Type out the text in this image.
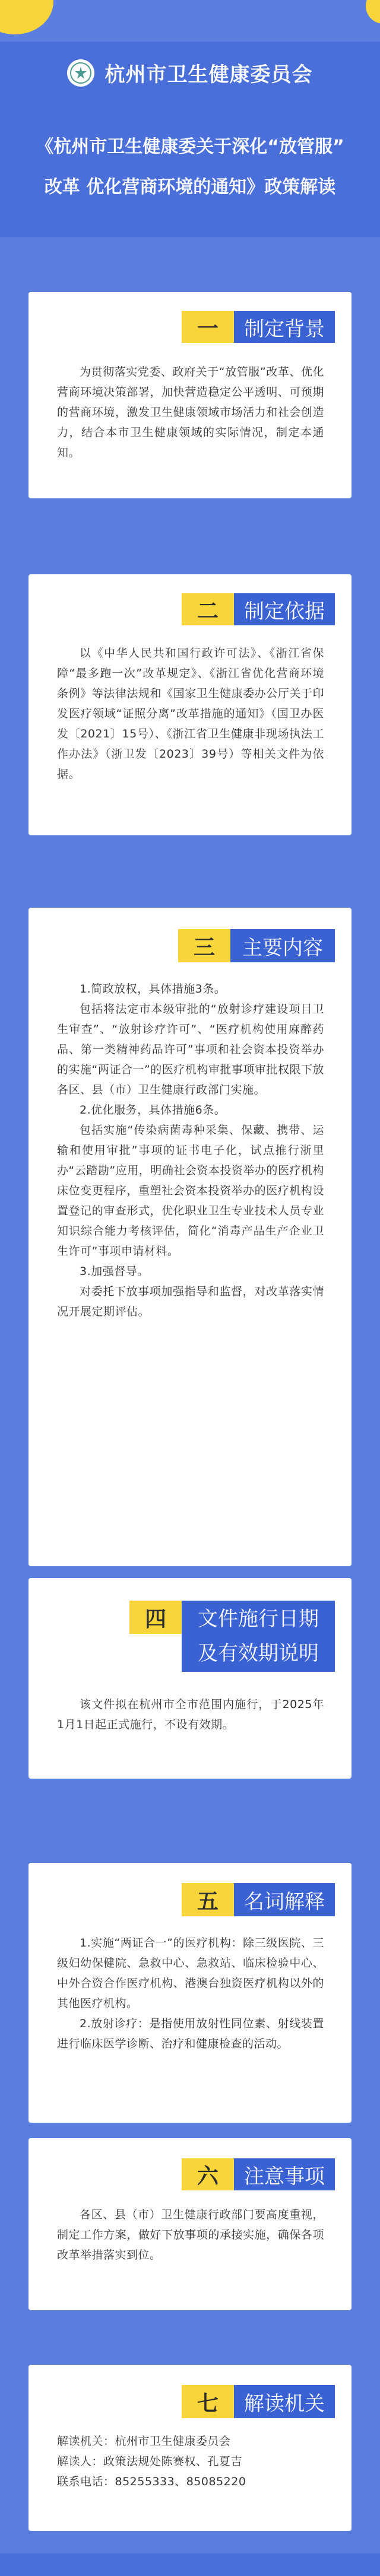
杭州市卫生健康委员会
《杭州市卫生健康委关于深化“放管服”
改革 优化营商环境的通知》政策解读
一	制定背景

为贯彻落实党委、政府关于“放管服”改革、优化营商环境决策部署，加快营造稳定公平透明、可预期的营商环境，激发卫生健康领域市场活力和社会创造力，结合本市卫生健康领域的实际情况，制定本通知。

二	制定依据

以《中华人民共和国行政许可法》、《浙江省保障“最多跑一次”改革规定》、《浙江省优化营商环境条例》等法律法规和《国家卫生健康委办公厅关于印发医疗领域“证照分离”改革措施的通知》（国卫办医发〔2021〕15号）、《浙江省卫生健康非现场执法工作办法》（浙卫发〔2023〕39号）等相关文件为依据。

三	主要内容

1.简政放权，具体措施3条。

包括将法定市本级审批的“放射诊疗建设项目卫生审查”、“放射诊疗许可”、“医疗机构使用麻醉药品、第一类精神药品许可”事项和社会资本投资举办的实施“两证合一”的医疗机构审批事项审批权限下放各区、县（市）卫生健康行政部门实施。

2.优化服务，具体措施6条。

包括实施“传染病菌毒种采集、保藏、携带、运输和使用审批”事项的证书电子化，试点推行浙里办“云踏勘”应用，明确社会资本投资举办的医疗机构床位变更程序，重塑社会资本投资举办的医疗机构设置登记的审查形式，优化职业卫生专业技术人员专业知识综合能力考核评估，简化“消毒产品生产企业卫生许可”事项申请材料。

3.加强督导。

对委托下放事项加强指导和监督，对改革落实情况开展定期评估。

四	文件施行日期
及有效期说明

该文件拟在杭州市全市范围内施行，于2025年1月1日起正式施行，不设有效期。

五	名词解释

1.实施“两证合一”的医疗机构：除三级医院、三级妇幼保健院、急救中心、急救站、临床检验中心、中外合资合作医疗机构、港澳台独资医疗机构以外的其他医疗机构。

2.放射诊疗：是指使用放射性同位素、射线装置进行临床医学诊断、治疗和健康检查的活动。

六	注意事项

各区、县（市）卫生健康行政部门要高度重视，制定工作方案，做好下放事项的承接实施，确保各项改革举措落实到位。

七	解读机关

解读机关：杭州市卫生健康委员会

解读人：政策法规处陈赛权、孔夏吉

联系电话：85255333、85085220
